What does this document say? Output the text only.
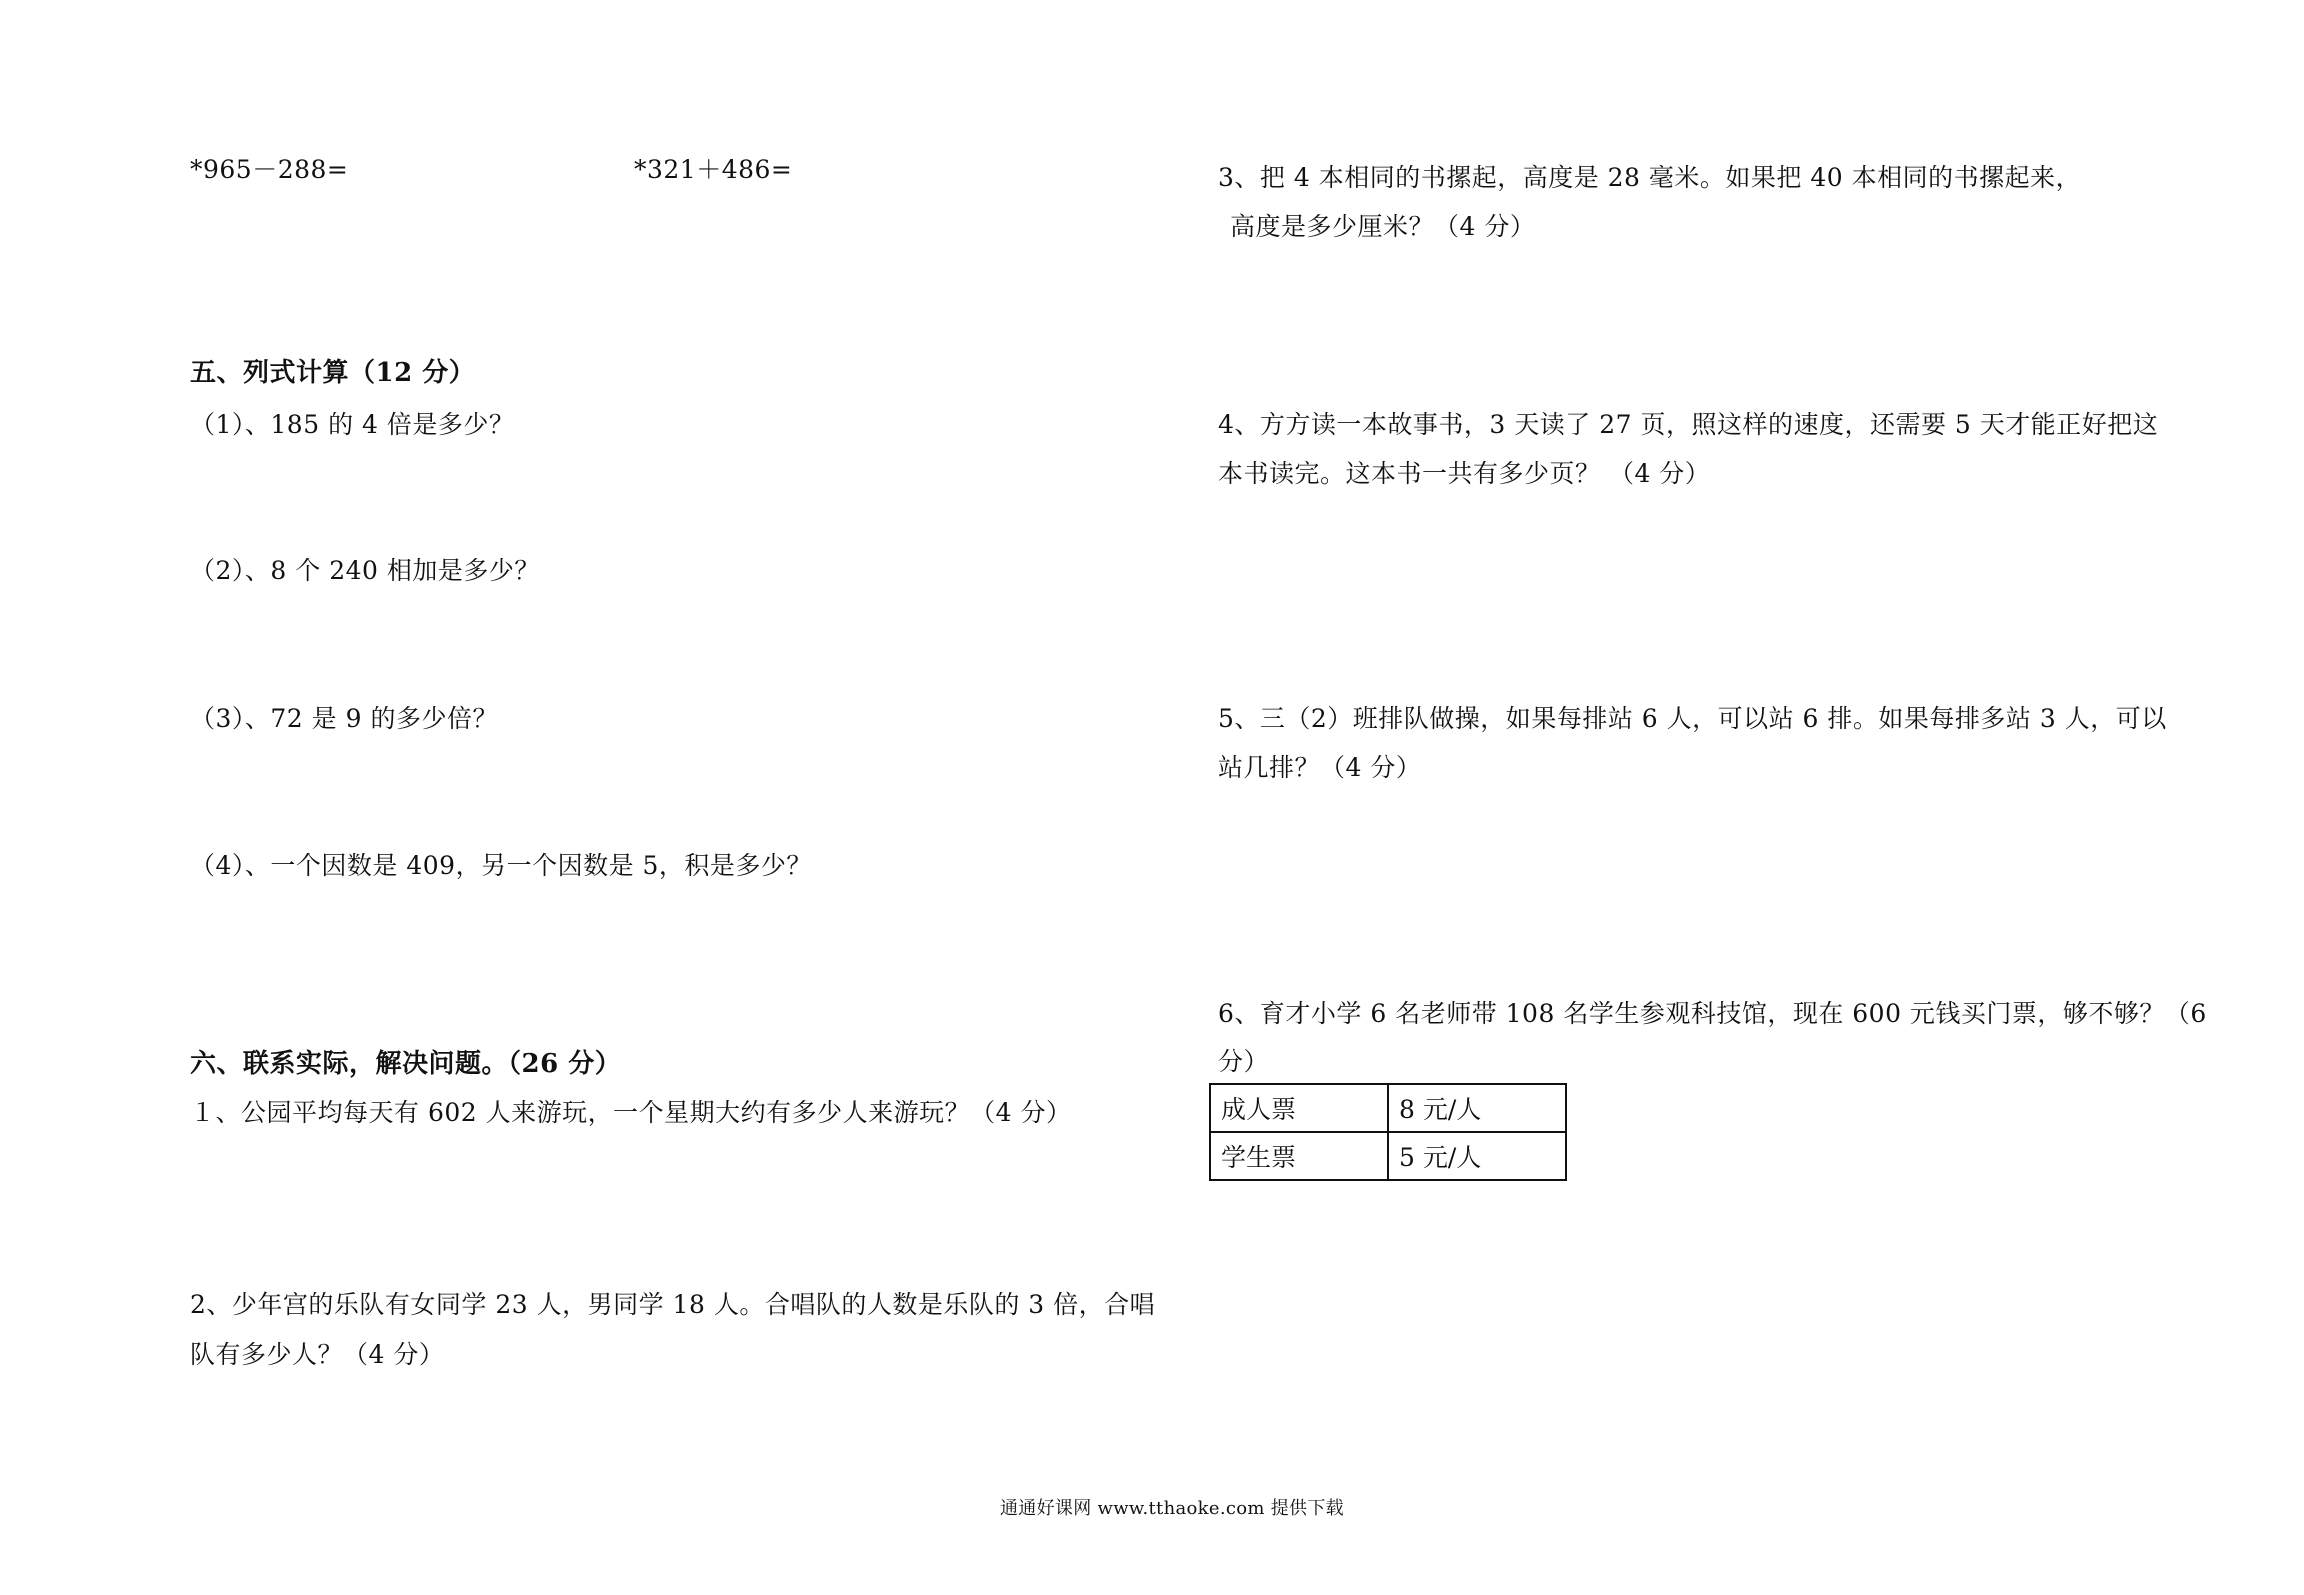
*965－288=	*321＋486=
五、列式计算（12 分）
（1）、185 的 4 倍是多少？
（2）、8 个 240 相加是多少？
（3）、72 是 9 的多少倍？
（4）、一个因数是 409，另一个因数是 5，积是多少？
六、联系实际，解决问题。（26 分）
１、公园平均每天有 602 人来游玩，一个星期大约有多少人来游玩？（4 分）
2、少年宫的乐队有女同学 23 人，男同学 18 人。合唱队的人数是乐队的 3 倍，合唱
队有多少人？（4 分）
3、把 4 本相同的书摞起，高度是 28 毫米。如果把 40 本相同的书摞起来，
高度是多少厘米？（4 分）
4、方方读一本故事书，3 天读了 27 页，照这样的速度，还需要 5 天才能正好把这
本书读完。这本书一共有多少页？ （4 分）
5、三（2）班排队做操，如果每排站 6 人，可以站 6 排。如果每排多站 3 人，可以
站几排？（4 分）
6、育才小学 6 名老师带 108 名学生参观科技馆，现在 600 元钱买门票，够不够？（6
分）
成人票	8 元/人
学生票	5 元/人
通通好课网 www.tthaoke.com 提供下载
